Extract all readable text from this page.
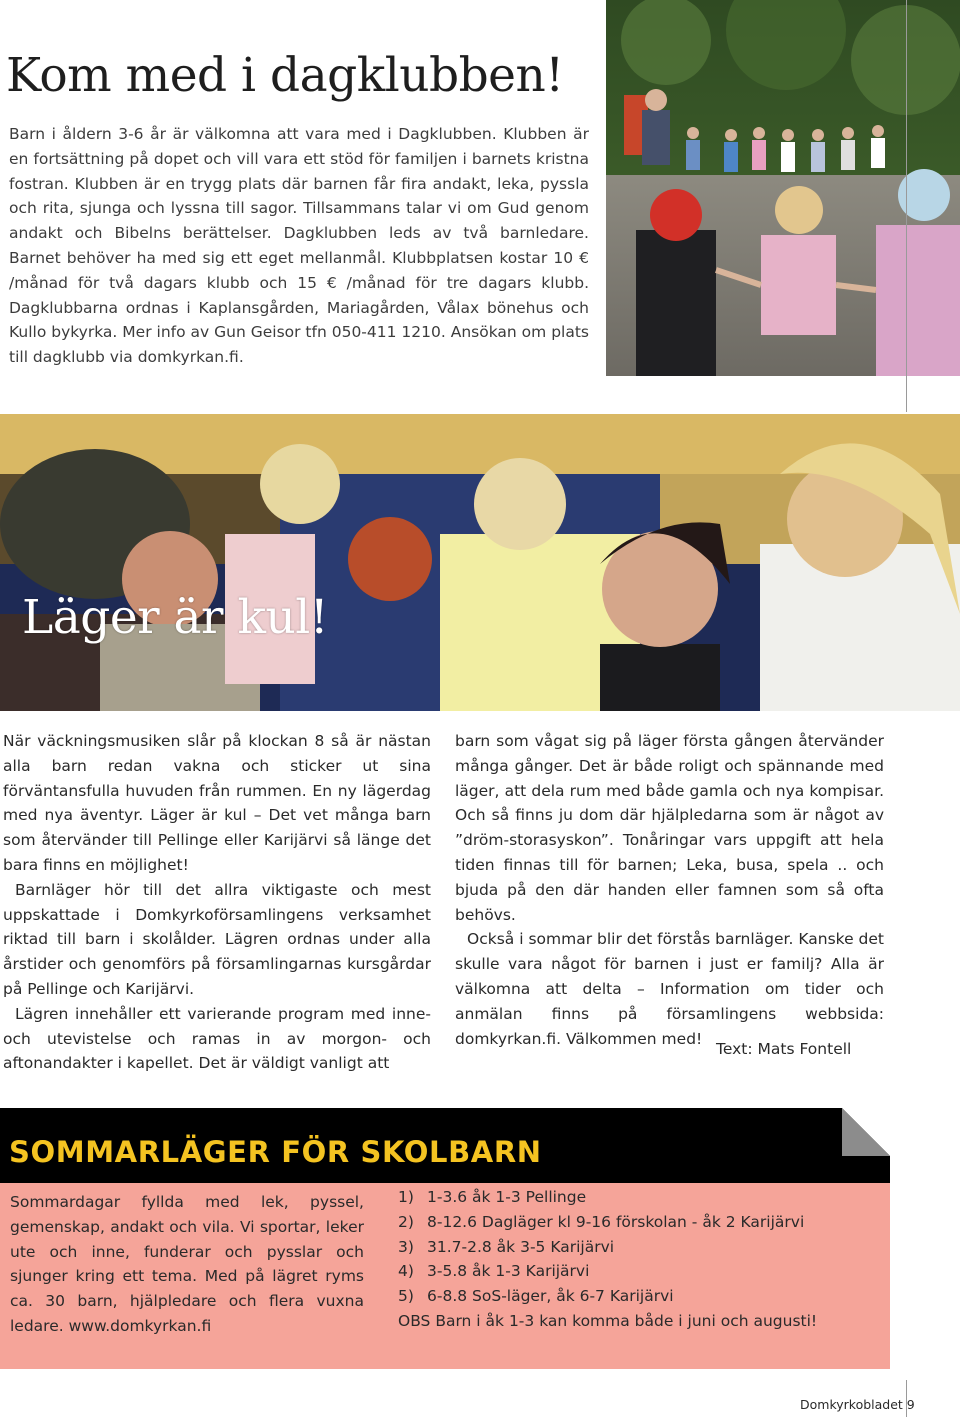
Kom med i dagklubben!

Barn i åldern 3-6 år är välkomna att vara med i Dagklubben. Klubben är en fortsättning på dopet och vill vara ett stöd för familjen i barnets kristna fostran. Klubben är en trygg plats där barnen får fira andakt, leka, pyssla och rita, sjunga och lyssna till sagor. Tillsammans talar vi om Gud genom andakt och Bibelns berättelser. Dagklubben leds av två barnledare. Barnet behöver ha med sig ett eget mellanmål. Klubbplatsen kostar 10 € /månad för två dagars klubb och 15 € /månad för tre dagars klubb. Dagklubbarna ordnas i Kaplansgården, Mariagården, Vålax bönehus och Kullo bykyrka. Mer info av Gun Geisor tfn 050-411 1210. Ansökan om plats till dagklubb via domkyrkan.fi.

Läger är kul!

När väckningsmusiken slår på klockan 8 så är nästan alla barn redan vakna och sticker ut sina förväntansfulla huvuden från rummen. En ny lägerdag med nya äventyr. Läger är kul – Det vet många barn som återvänder till Pellinge eller Karijärvi så länge det bara finns en möjlighet!

Barnläger hör till det allra viktigaste och mest uppskattade i Domkyrkoförsamlingens verksamhet riktad till barn i skolålder. Lägren ordnas under alla årstider och genomförs på församlingarnas kursgårdar på Pellinge och Karijärvi.

Lägren innehåller ett varierande program med inne- och utevistelse och ramas in av morgon- och aftonandakter i kapellet. Det är väldigt vanligt att

barn som vågat sig på läger första gången återvänder många gånger. Det är både roligt och spännande med läger, att dela rum med både gamla och nya kompisar. Och så finns ju dom där hjälpledarna som är något av ”dröm-storasyskon”. Tonåringar vars uppgift att hela tiden finnas till för barnen; Leka, busa, spela .. och bjuda på den där handen eller famnen som så ofta behövs.

Också i sommar blir det förstås barnläger. Kanske det skulle vara något för barnen i just er familj? Alla är välkomna att delta – Information om tider och anmälan finns på församlingens webbsida: domkyrkan.fi. Välkommen med!

Text: Mats Fontell
SOMMARLÄGER FÖR SKOLBARN

Sommardagar fyllda med lek, pyssel, gemenskap, andakt och vila. Vi sportar, leker ute och inne, funderar och pysslar och sjunger kring ett tema. Med på lägret ryms ca. 30 barn, hjälpledare och flera vuxna ledare. www.domkyrkan.fi

1) 1-3.6 åk 1-3 Pellinge
2) 8-12.6 Dagläger kl 9-16 förskolan - åk 2 Karijärvi
3) 31.7-2.8 åk 3-5 Karijärvi
4) 3-5.8 åk 1-3 Karijärvi
5) 6-8.8 SoS-läger, åk 6-7 Karijärvi
OBS Barn i åk 1-3 kan komma både i juni och augusti!
Domkyrkobladet 9
